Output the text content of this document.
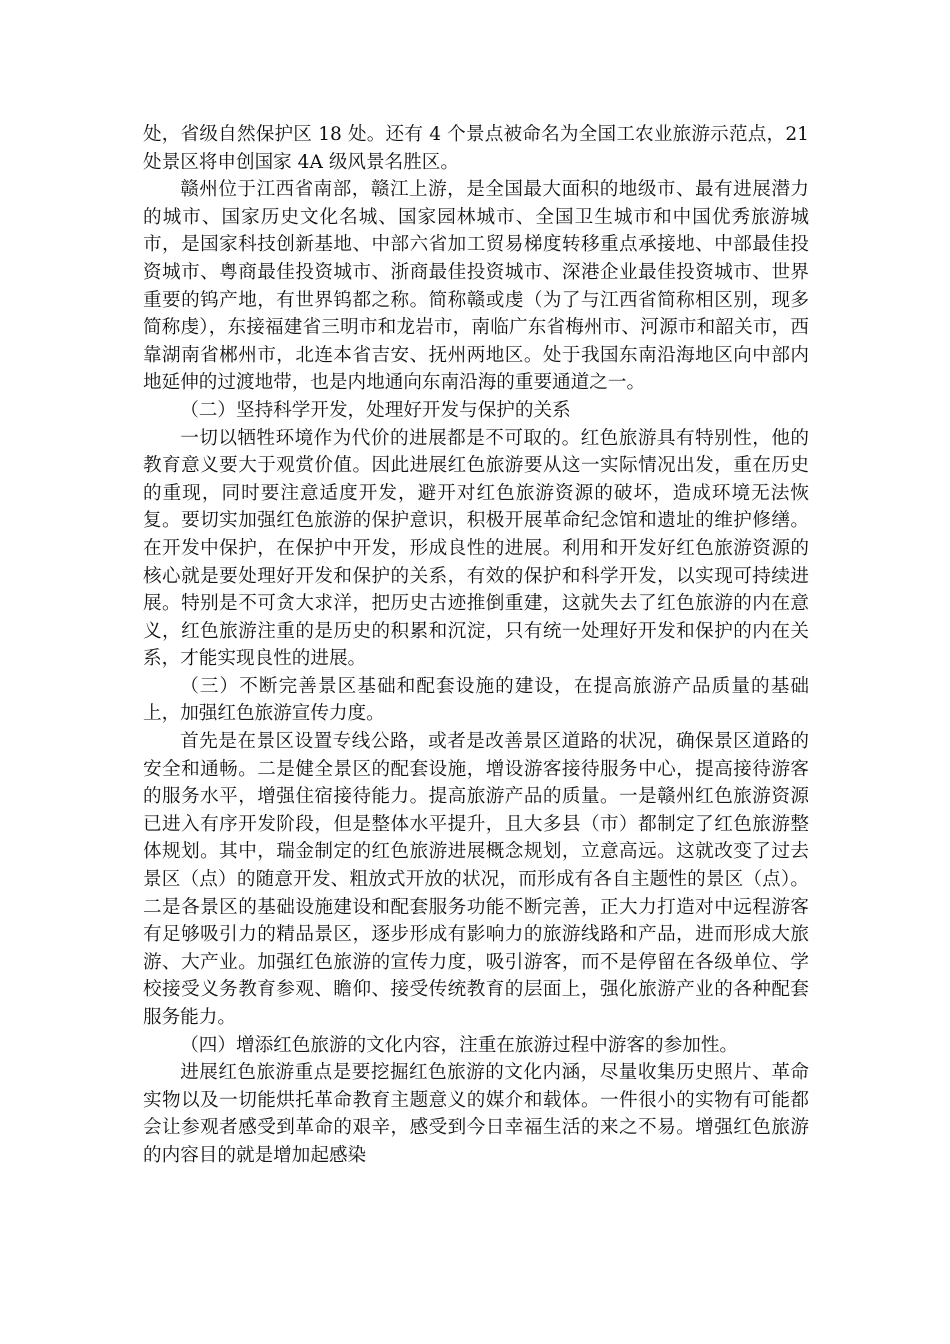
处，省级自然保护区 18 处。还有 4 个景点被命名为全国工农业旅游示范点，21 处景区将申创国家 4A 级风景名胜区。

赣州位于江西省南部，赣江上游，是全国最大面积的地级市、最有进展潜力的城市、国家历史文化名城、国家园林城市、全国卫生城市和中国优秀旅游城市，是国家科技创新基地、中部六省加工贸易梯度转移重点承接地、中部最佳投资城市、粤商最佳投资城市、浙商最佳投资城市、深港企业最佳投资城市、世界重要的钨产地，有世界钨都之称。简称赣或虔（为了与江西省简称相区别，现多简称虔），东接福建省三明市和龙岩市，南临广东省梅州市、河源市和韶关市，西靠湖南省郴州市，北连本省吉安、抚州两地区。处于我国东南沿海地区向中部内地延伸的过渡地带，也是内地通向东南沿海的重要通道之一。

（二）坚持科学开发，处理好开发与保护的关系

一切以牺牲环境作为代价的进展都是不可取的。红色旅游具有特别性，他的教育意义要大于观赏价值。因此进展红色旅游要从这一实际情况出发，重在历史的重现，同时要注意适度开发，避开对红色旅游资源的破坏，造成环境无法恢复。要切实加强红色旅游的保护意识，积极开展革命纪念馆和遗址的维护修缮。在开发中保护，在保护中开发，形成良性的进展。利用和开发好红色旅游资源的核心就是要处理好开发和保护的关系，有效的保护和科学开发，以实现可持续进展。特别是不可贪大求洋，把历史古迹推倒重建，这就失去了红色旅游的内在意义，红色旅游注重的是历史的积累和沉淀，只有统一处理好开发和保护的内在关系，才能实现良性的进展。

（三）不断完善景区基础和配套设施的建设，在提高旅游产品质量的基础上，加强红色旅游宣传力度。

首先是在景区设置专线公路，或者是改善景区道路的状况，确保景区道路的安全和通畅。二是健全景区的配套设施，增设游客接待服务中心，提高接待游客的服务水平，增强住宿接待能力。提高旅游产品的质量。一是赣州红色旅游资源已进入有序开发阶段，但是整体水平提升，且大多县（市）都制定了红色旅游整体规划。其中，瑞金制定的红色旅游进展概念规划，立意高远。这就改变了过去景区（点）的随意开发、粗放式开放的状况，而形成有各自主题性的景区（点）。二是各景区的基础设施建设和配套服务功能不断完善，正大力打造对中远程游客有足够吸引力的精品景区，逐步形成有影响力的旅游线路和产品，进而形成大旅游、大产业。加强红色旅游的宣传力度，吸引游客，而不是停留在各级单位、学校接受义务教育参观、瞻仰、接受传统教育的层面上，强化旅游产业的各种配套服务能力。

（四）增添红色旅游的文化内容，注重在旅游过程中游客的参加性。

进展红色旅游重点是要挖掘红色旅游的文化内涵，尽量收集历史照片、革命实物以及一切能烘托革命教育主题意义的媒介和载体。一件很小的实物有可能都会让参观者感受到革命的艰辛，感受到今日幸福生活的来之不易。增强红色旅游的内容目的就是增加起感染
